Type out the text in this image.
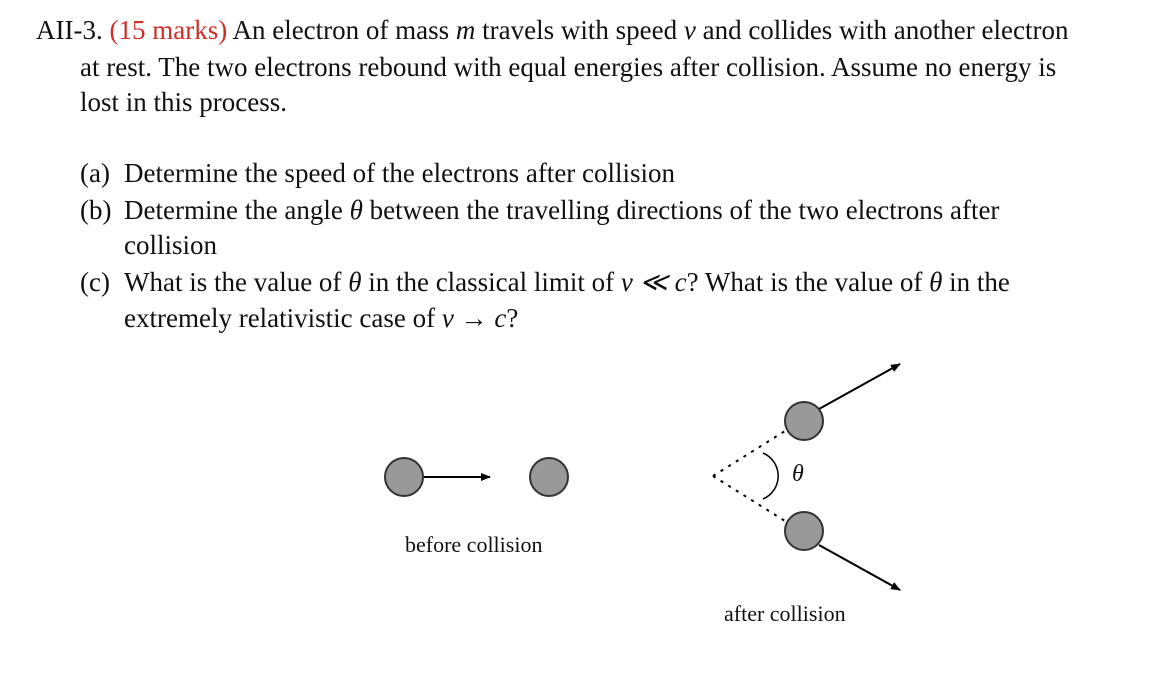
AII-3. (15 marks) An electron of mass m travels with speed v and collides with another electron
at rest. The two electrons rebound with equal energies after collision. Assume no energy is
lost in this process.
(a) Determine the speed of the electrons after collision
(b) Determine the angle θ between the travelling directions of the two electrons after
collision
(c) What is the value of θ in the classical limit of v ≪ c? What is the value of θ in the
extremely relativistic case of v → c?
θ
before collision
after collision
